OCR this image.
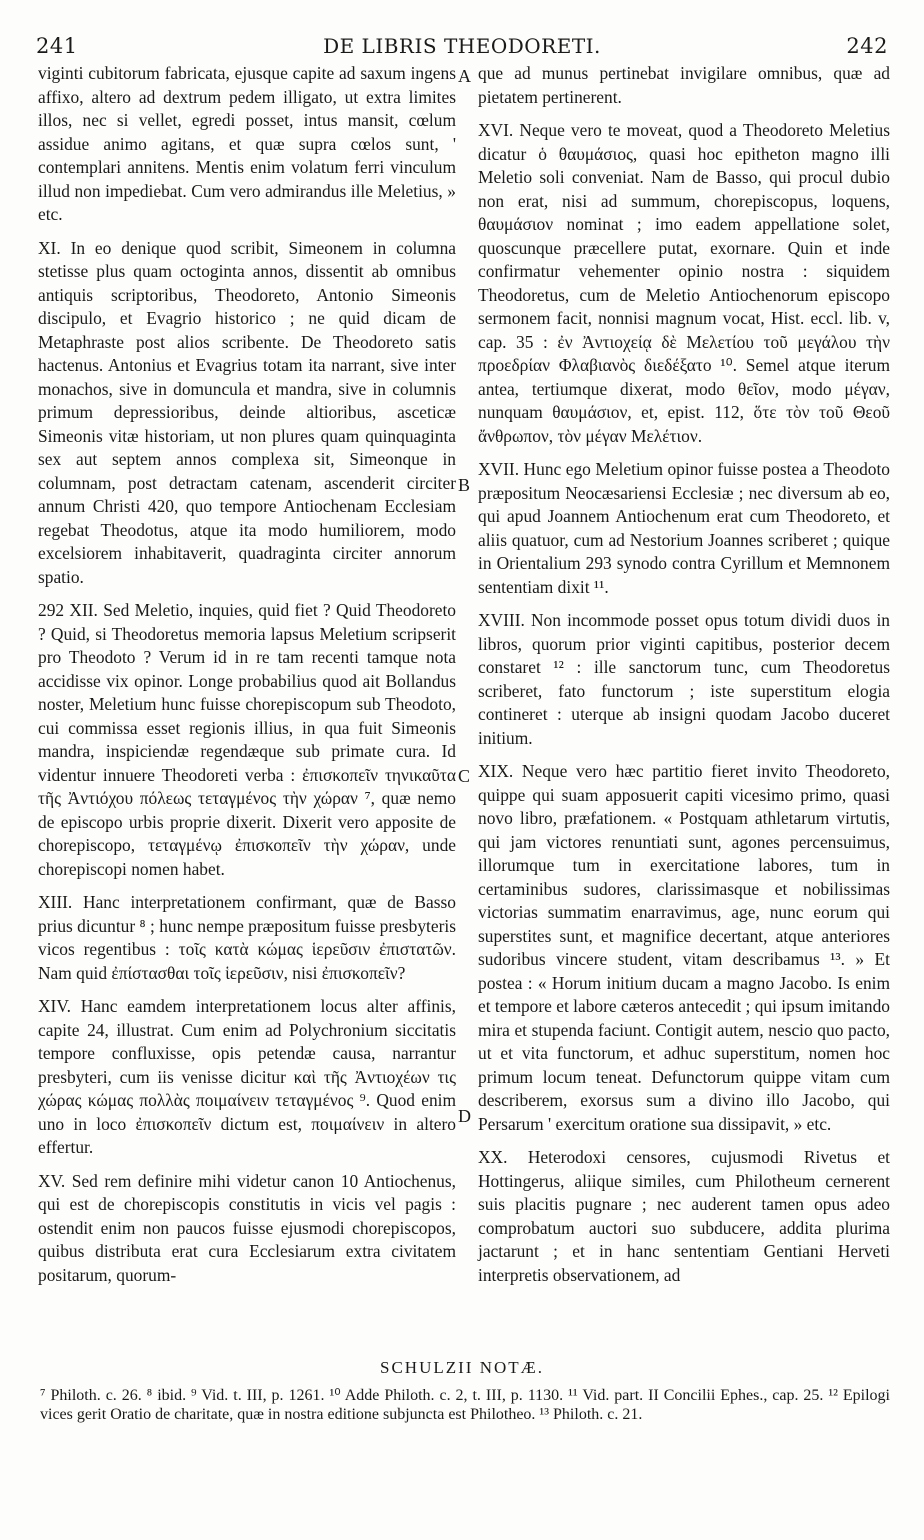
241	DE LIBRIS THEODORETI.	242

viginti cubitorum fabricata, ejusque capite ad saxum ingens affixo, altero ad dextrum pedem illigato, ut extra limites illos, nec si vellet, egredi posset, intus mansit, cœlum assidue animo agitans, et quæ supra cœlos sunt, ' contemplari annitens. Mentis enim volatum ferri vinculum illud non impediebat. Cum vero admirandus ille Meletius, » etc.

XI. In eo denique quod scribit, Simeonem in columna stetisse plus quam octoginta annos, dissentit ab omnibus antiquis scriptoribus, Theodoreto, Antonio Simeonis discipulo, et Evagrio historico ; ne quid dicam de Metaphraste post alios scribente. De Theodoreto satis hactenus. Antonius et Evagrius totam ita narrant, sive inter monachos, sive in domuncula et mandra, sive in columnis primum depressioribus, deinde altioribus, asceticæ Simeonis vitæ historiam, ut non plures quam quinquaginta sex aut septem annos complexa sit, Simeonque in columnam, post detractam catenam, ascenderit circiter annum Christi 420, quo tempore Antiochenam Ecclesiam regebat Theodotus, atque ita modo humiliorem, modo excelsiorem inhabitaverit, quadraginta circiter annorum spatio.

292 XII. Sed Meletio, inquies, quid fiet ? Quid Theodoreto ? Quid, si Theodoretus memoria lapsus Meletium scripserit pro Theodoto ? Verum id in re tam recenti tamque nota accidisse vix opinor. Longe probabilius quod ait Bollandus noster, Meletium hunc fuisse chorepiscopum sub Theodoto, cui commissa esset regionis illius, in qua fuit Simeonis mandra, inspiciendæ regendæque sub primate cura. Id videntur innuere Theodoreti verba : ἐπισκοπεῖν τηνικαῦτα τῆς Ἀντιόχου πόλεως τεταγμένος τὴν χώραν ⁷, quæ nemo de episcopo urbis proprie dixerit. Dixerit vero apposite de chorepiscopo, τεταγμένῳ ἐπισκοπεῖν τὴν χώραν, unde chorepiscopi nomen habet.

XIII. Hanc interpretationem confirmant, quæ de Basso prius dicuntur ⁸ ; hunc nempe præpositum fuisse presbyteris vicos regentibus : τοῖς κατὰ κώμας ἱερεῦσιν ἐπιστατῶν. Nam quid ἐπίστασθαι τοῖς ἱερεῦσιν, nisi ἐπισκοπεῖν?

XIV. Hanc eamdem interpretationem locus alter affinis, capite 24, illustrat. Cum enim ad Polychronium siccitatis tempore confluxisse, opis petendæ causa, narrantur presbyteri, cum iis venisse dicitur καὶ τῆς Ἀντιοχέων τις χώρας κώμας πολλὰς ποιμαίνειν τεταγμένος ⁹. Quod enim uno in loco ἐπισκοπεῖν dictum est, ποιμαίνειν in altero effertur.

XV. Sed rem definire mihi videtur canon 10 Antiochenus, qui est de chorepiscopis constitutis in vicis vel pagis : ostendit enim non paucos fuisse ejusmodi chorepiscopos, quibus distributa erat cura Ecclesiarum extra civitatem positarum, quorum-

A
B
C
D

que ad munus pertinebat invigilare omnibus, quæ ad pietatem pertinerent.

XVI. Neque vero te moveat, quod a Theodoreto Meletius dicatur ὁ θαυμάσιος, quasi hoc epitheton magno illi Meletio soli conveniat. Nam de Basso, qui procul dubio non erat, nisi ad summum, chorepiscopus, loquens, θαυμάσιον nominat ; imo eadem appellatione solet, quoscunque præcellere putat, exornare. Quin et inde confirmatur vehementer opinio nostra : siquidem Theodoretus, cum de Meletio Antiochenorum episcopo sermonem facit, nonnisi magnum vocat, Hist. eccl. lib. v, cap. 35 : ἐν Ἀντιοχείᾳ δὲ Μελετίου τοῦ μεγάλου τὴν προεδρίαν Φλαβιανὸς διεδέξατο ¹⁰. Semel atque iterum antea, tertiumque dixerat, modo θεῖον, modo μέγαν, nunquam θαυμάσιον, et, epist. 112, ὅτε τὸν τοῦ Θεοῦ ἄνθρωπον, τὸν μέγαν Μελέτιον.

XVII. Hunc ego Meletium opinor fuisse postea a Theodoto præpositum Neocæsariensi Ecclesiæ ; nec diversum ab eo, qui apud Joannem Antiochenum erat cum Theodoreto, et aliis quatuor, cum ad Nestorium Joannes scriberet ; quique in Orientalium 293 synodo contra Cyrillum et Memnonem sententiam dixit ¹¹.

XVIII. Non incommode posset opus totum dividi duos in libros, quorum prior viginti capitibus, posterior decem constaret ¹² : ille sanctorum tunc, cum Theodoretus scriberet, fato functorum ; iste superstitum elogia contineret : uterque ab insigni quodam Jacobo duceret initium.

XIX. Neque vero hæc partitio fieret invito Theodoreto, quippe qui suam apposuerit capiti vicesimo primo, quasi novo libro, præfationem. « Postquam athletarum virtutis, qui jam victores renuntiati sunt, agones percensuimus, illorumque tum in exercitatione labores, tum in certaminibus sudores, clarissimasque et nobilissimas victorias summatim enarravimus, age, nunc eorum qui superstites sunt, et magnifice decertant, atque anteriores sudoribus vincere student, vitam describamus ¹³. » Et postea : « Horum initium ducam a magno Jacobo. Is enim et tempore et labore cæteros antecedit ; qui ipsum imitando mira et stupenda faciunt. Contigit autem, nescio quo pacto, ut et vita functorum, et adhuc superstitum, nomen hoc primum locum teneat. Defunctorum quippe vitam cum describerem, exorsus sum a divino illo Jacobo, qui Persarum ' exercitum oratione sua dissipavit, » etc.

XX. Heterodoxi censores, cujusmodi Rivetus et Hottingerus, aliique similes, cum Philotheum cernerent suis placitis pugnare ; nec auderent tamen opus adeo comprobatum auctori suo subducere, addita plurima jactarunt ; et in hanc sententiam Gentiani Herveti interpretis observationem, ad

SCHULZII NOTÆ.

⁷ Philoth. c. 26. ⁸ ibid. ⁹ Vid. t. III, p. 1261. ¹⁰ Adde Philoth. c. 2, t. III, p. 1130. ¹¹ Vid. part. II Concilii Ephes., cap. 25. ¹² Epilogi vices gerit Oratio de charitate, quæ in nostra editione subjuncta est Philotheo. ¹³ Philoth. c. 21.
